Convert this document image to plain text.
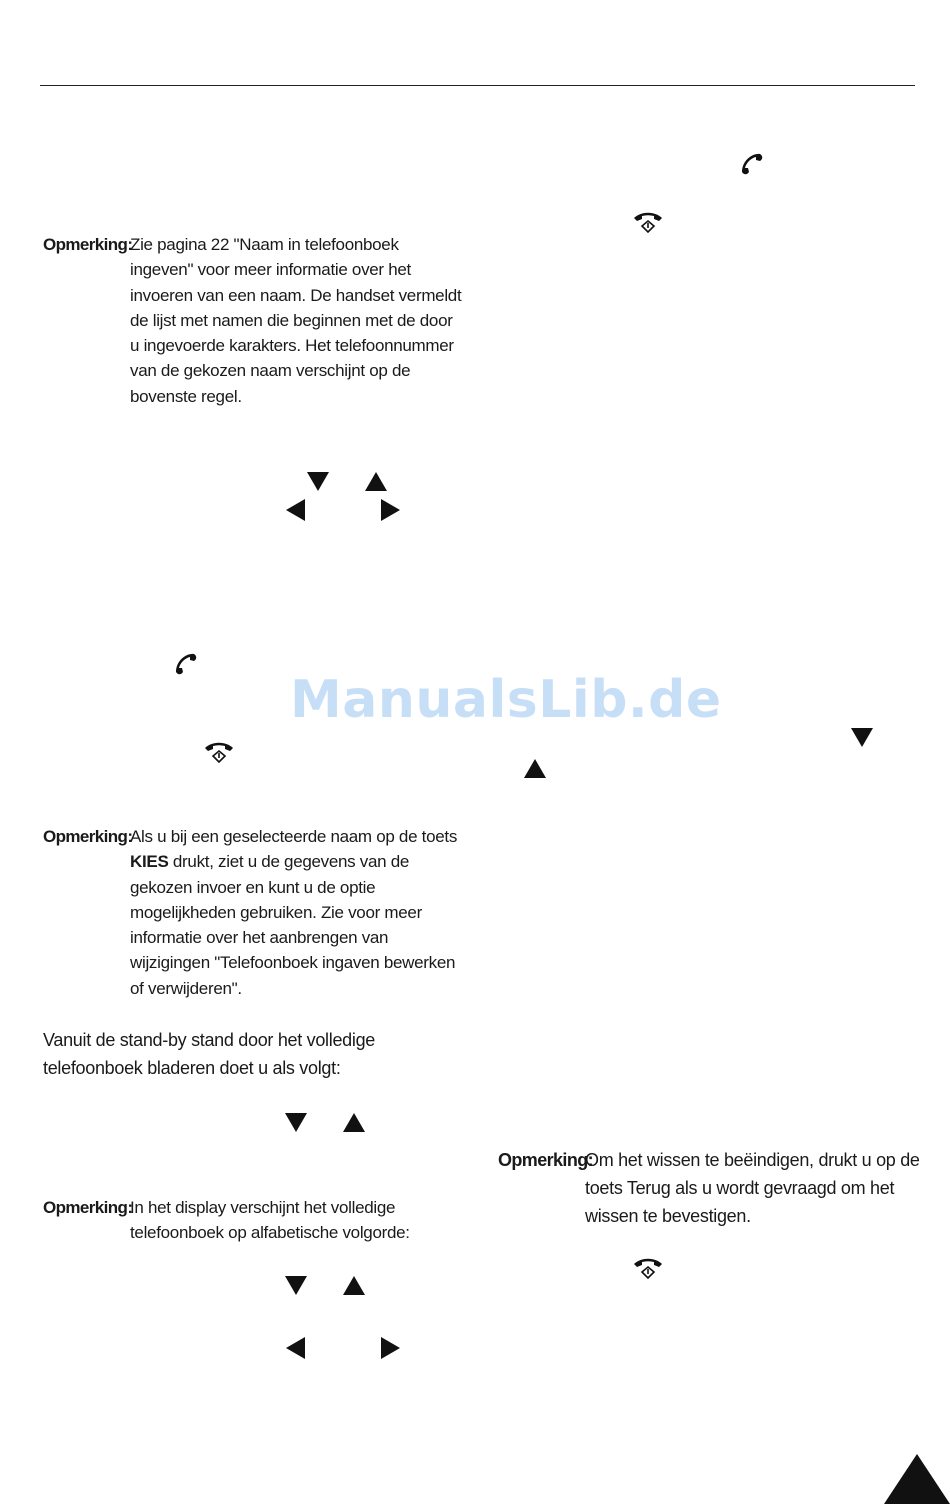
Opmerking:
Zie pagina 22 "Naam in telefoonboek
ingeven" voor meer informatie over het
invoeren van een naam. De handset vermeldt
de lijst met namen die beginnen met de door
u ingevoerde karakters. Het telefoonnummer
van de gekozen naam verschijnt op de
bovenste regel.
ManualsLib.de
Opmerking:
Als u bij een geselecteerde naam op de toets
KIES drukt, ziet u de gegevens van de
gekozen invoer en kunt u de optie
mogelijkheden gebruiken. Zie voor meer
informatie over het aanbrengen van
wijzigingen "Telefoonboek ingaven bewerken
of verwijderen".
Vanuit de stand-by stand door het volledige
telefoonboek bladeren doet u als volgt:
Opmerking:
Om het wissen te beëindigen, drukt u op de
toets Terug als u wordt gevraagd om het
wissen te bevestigen.
Opmerking:
In het display verschijnt het volledige
telefoonboek op alfabetische volgorde:
